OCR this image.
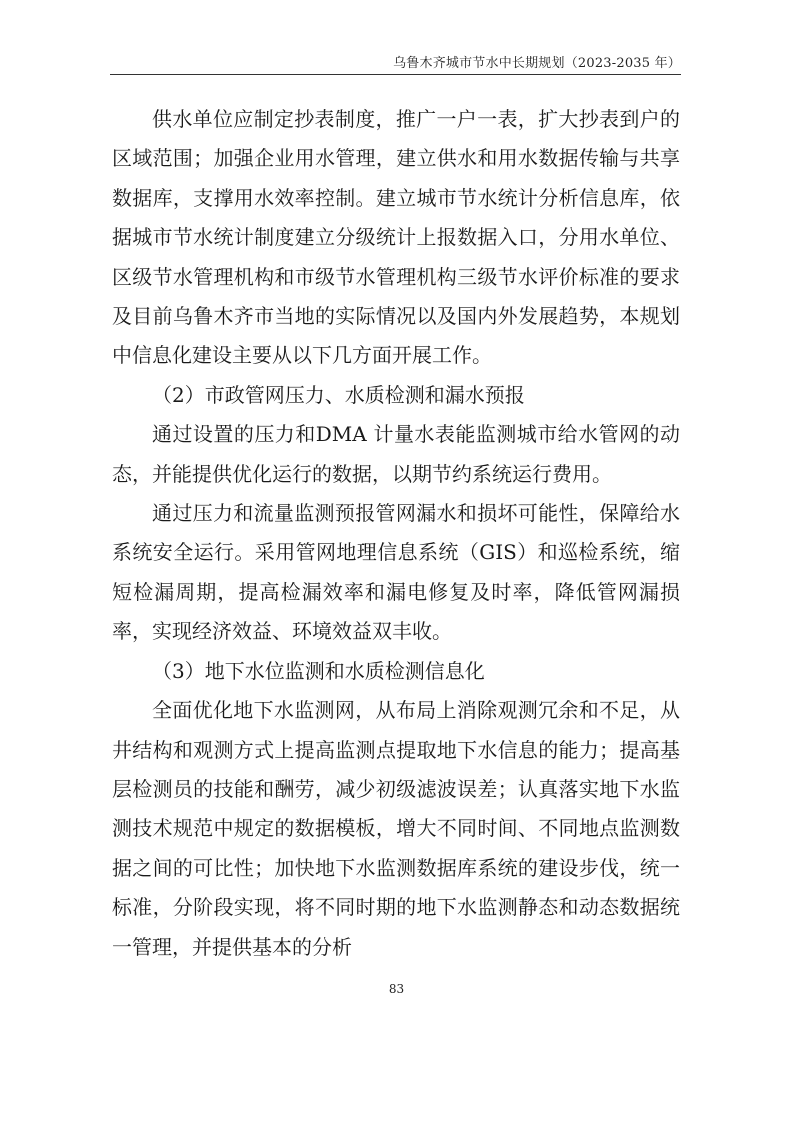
乌鲁木齐城市节水中长期规划（2023-2035 年）

供水单位应制定抄表制度，推广一户一表，扩大抄表到户的区域范围；加强企业用水管理，建立供水和用水数据传输与共享数据库，支撑用水效率控制。建立城市节水统计分析信息库，依据城市节水统计制度建立分级统计上报数据入口，分用水单位、区级节水管理机构和市级节水管理机构三级节水评价标准的要求及目前乌鲁木齐市当地的实际情况以及国内外发展趋势，本规划中信息化建设主要从以下几方面开展工作。

（2）市政管网压力、水质检测和漏水预报

通过设置的压力和DMA 计量水表能监测城市给水管网的动态，并能提供优化运行的数据，以期节约系统运行费用。

通过压力和流量监测预报管网漏水和损坏可能性，保障给水系统安全运行。采用管网地理信息系统（GIS）和巡检系统，缩短检漏周期，提高检漏效率和漏电修复及时率，降低管网漏损率，实现经济效益、环境效益双丰收。

（3）地下水位监测和水质检测信息化

全面优化地下水监测网，从布局上消除观测冗余和不足，从井结构和观测方式上提高监测点提取地下水信息的能力；提高基层检测员的技能和酬劳，减少初级滤波误差；认真落实地下水监测技术规范中规定的数据模板，增大不同时间、不同地点监测数据之间的可比性；加快地下水监测数据库系统的建设步伐，统一标准，分阶段实现，将不同时期的地下水监测静态和动态数据统一管理，并提供基本的分析

83
